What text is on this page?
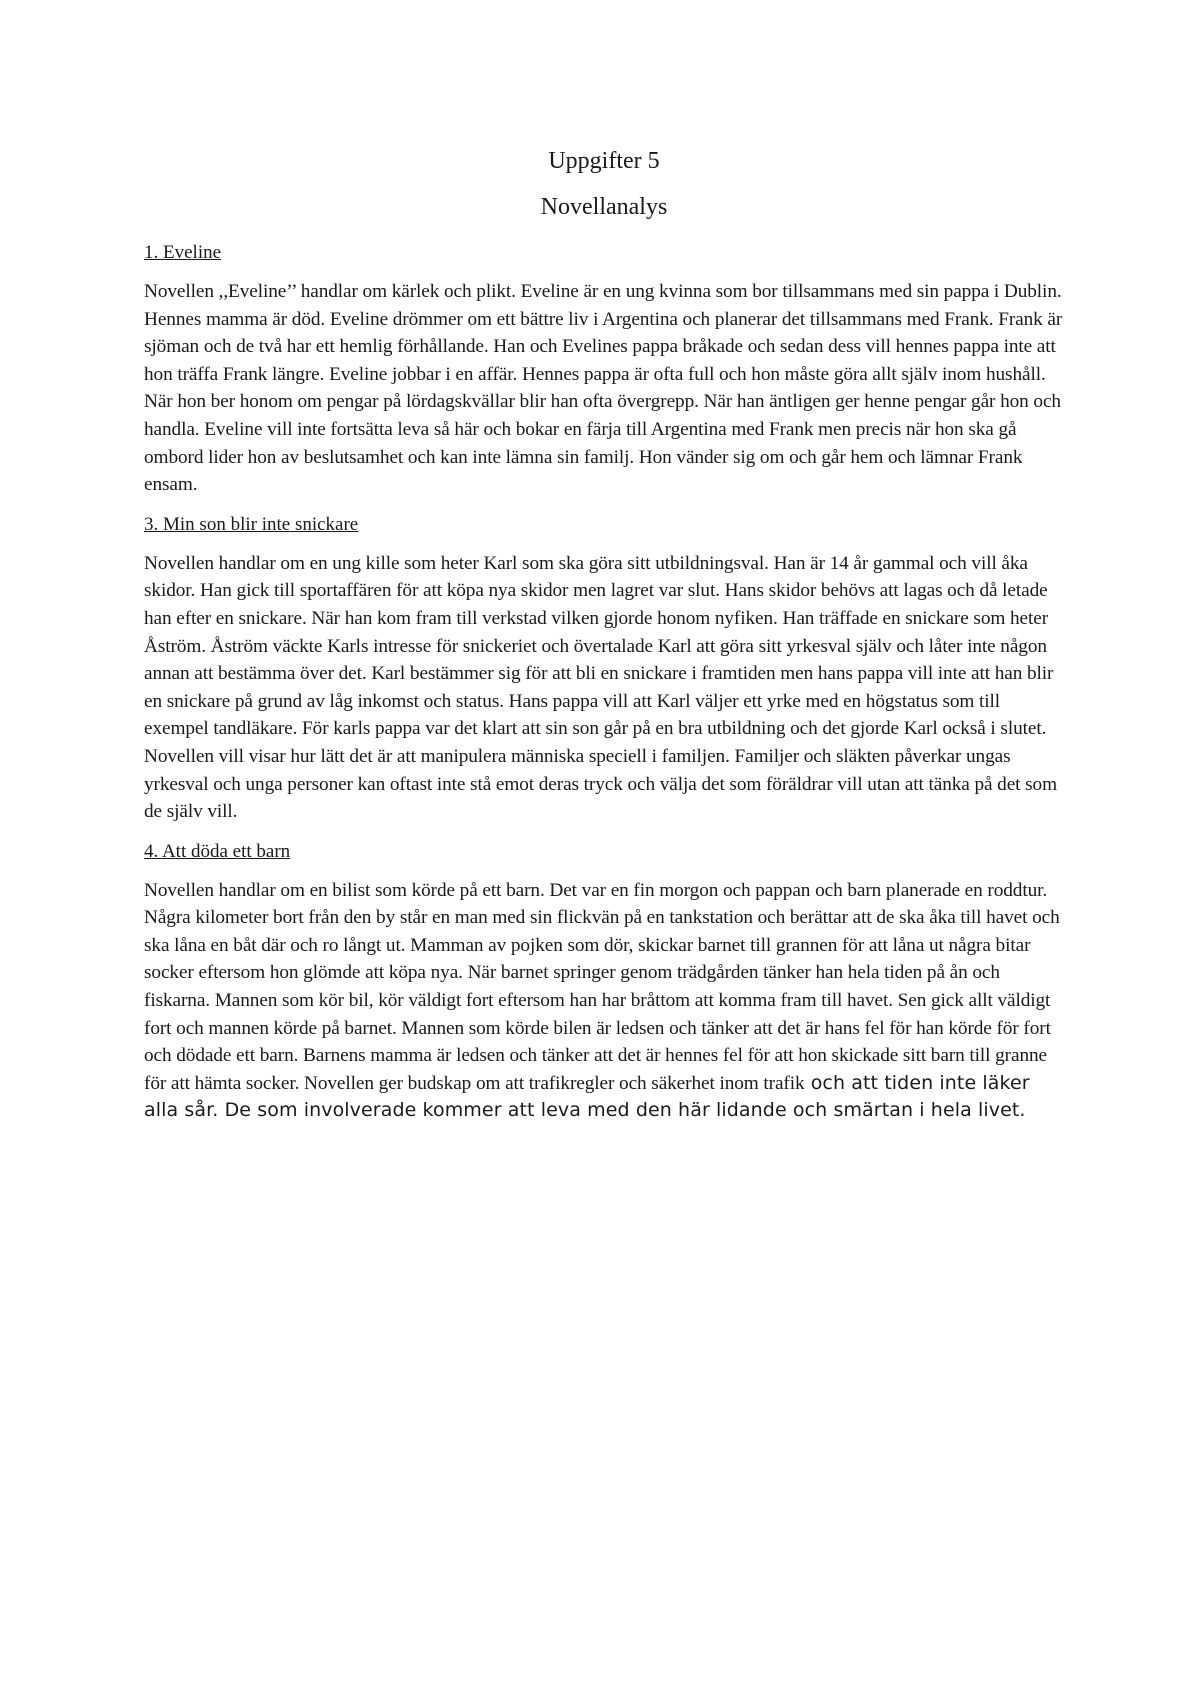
Uppgifter 5
Novellanalys
1. Eveline

Novellen ,,Eveline’’ handlar om kärlek och plikt. Eveline är en ung kvinna som bor tillsammans med sin pappa i Dublin. Hennes mamma är död. Eveline drömmer om ett bättre liv i Argentina och planerar det tillsammans med Frank. Frank är sjöman och de två har ett hemlig förhållande. Han och Evelines pappa bråkade och sedan dess vill hennes pappa inte att hon träffa Frank längre. Eveline jobbar i en affär. Hennes pappa är ofta full och hon måste göra allt själv inom hushåll. När hon ber honom om pengar på lördagskvällar blir han ofta övergrepp. När han äntligen ger henne pengar går hon och handla. Eveline vill inte fortsätta leva så här och bokar en färja till Argentina med Frank men precis när hon ska gå ombord lider hon av beslutsamhet och kan inte lämna sin familj. Hon vänder sig om och går hem och lämnar Frank ensam.

3. Min son blir inte snickare

Novellen handlar om en ung kille som heter Karl som ska göra sitt utbildningsval. Han är 14 år gammal och vill åka skidor. Han gick till sportaffären för att köpa nya skidor men lagret var slut. Hans skidor behövs att lagas och då letade han efter en snickare. När han kom fram till verkstad vilken gjorde honom nyfiken. Han träffade en snickare som heter Åström. Åström väckte Karls intresse för snickeriet och övertalade Karl att göra sitt yrkesval själv och låter inte någon annan att bestämma över det. Karl bestämmer sig för att bli en snickare i framtiden men hans pappa vill inte att han blir en snickare på grund av låg inkomst och status. Hans pappa vill att Karl väljer ett yrke med en högstatus som till exempel tandläkare. För karls pappa var det klart att sin son går på en bra utbildning och det gjorde Karl också i slutet. Novellen vill visar hur lätt det är att manipulera människa speciell i familjen. Familjer och släkten påverkar ungas yrkesval och unga personer kan oftast inte stå emot deras tryck och välja det som föräldrar vill utan att tänka på det som de själv vill.

4. Att döda ett barn

Novellen handlar om en bilist som körde på ett barn. Det var en fin morgon och pappan och barn planerade en roddtur. Några kilometer bort från den by står en man med sin flickvän på en tankstation och berättar att de ska åka till havet och ska låna en båt där och ro långt ut. Mamman av pojken som dör, skickar barnet till grannen för att låna ut några bitar socker eftersom hon glömde att köpa nya. När barnet springer genom trädgården tänker han hela tiden på ån och fiskarna. Mannen som kör bil, kör väldigt fort eftersom han har bråttom att komma fram till havet. Sen gick allt väldigt fort och mannen körde på barnet. Mannen som körde bilen är ledsen och tänker att det är hans fel för han körde för fort och dödade ett barn. Barnens mamma är ledsen och tänker att det är hennes fel för att hon skickade sitt barn till granne för att hämta socker. Novellen ger budskap om att trafikregler och säkerhet inom trafik och att tiden inte läker alla sår. De som involverade kommer att leva med den här lidande och smärtan i hela livet.
